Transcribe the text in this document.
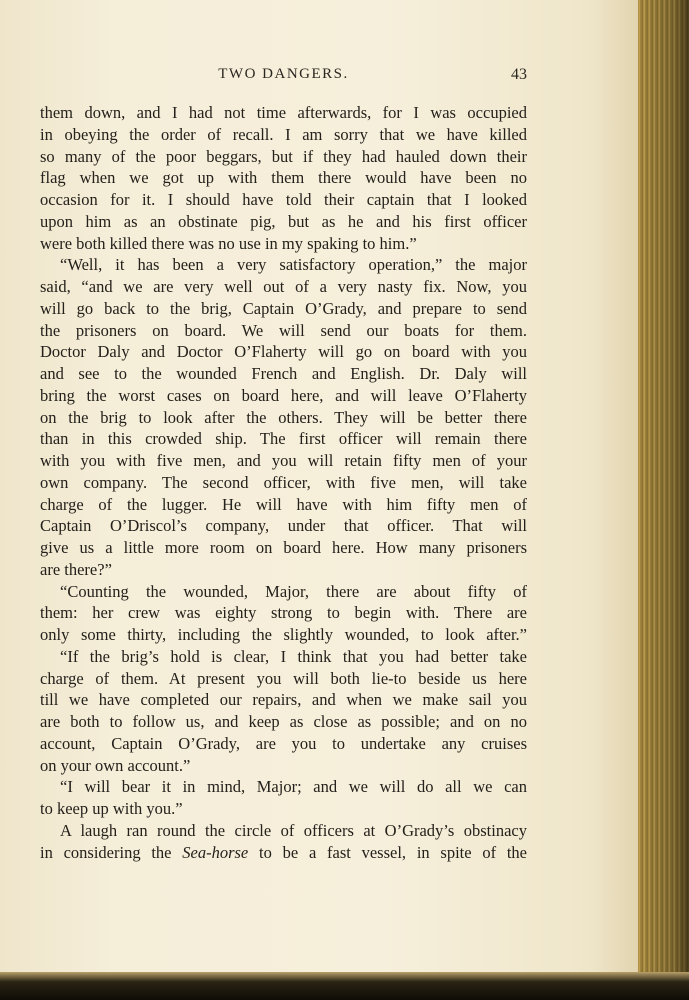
TWO DANGERS.	43
them down, and I had not time afterwards, for I was occupied
in obeying the order of recall. I am sorry that we have killed
so many of the poor beggars, but if they had hauled down their
flag when we got up with them there would have been no
occasion for it. I should have told their captain that I looked
upon him as an obstinate pig, but as he and his first officer
were both killed there was no use in my spaking to him.”
“Well, it has been a very satisfactory operation,” the major
said, “and we are very well out of a very nasty fix. Now, you
will go back to the brig, Captain O’Grady, and prepare to send
the prisoners on board. We will send our boats for them.
Doctor Daly and Doctor O’Flaherty will go on board with you
and see to the wounded French and English. Dr. Daly will
bring the worst cases on board here, and will leave O’Flaherty
on the brig to look after the others. They will be better there
than in this crowded ship. The first officer will remain there
with you with five men, and you will retain fifty men of your
own company. The second officer, with five men, will take
charge of the lugger. He will have with him fifty men of
Captain O’Driscol’s company, under that officer. That will
give us a little more room on board here. How many prisoners
are there?”
“Counting the wounded, Major, there are about fifty of
them: her crew was eighty strong to begin with. There are
only some thirty, including the slightly wounded, to look after.”
“If the brig’s hold is clear, I think that you had better take
charge of them. At present you will both lie-to beside us here
till we have completed our repairs, and when we make sail you
are both to follow us, and keep as close as possible; and on no
account, Captain O’Grady, are you to undertake any cruises
on your own account.”
“I will bear it in mind, Major; and we will do all we can
to keep up with you.”
A laugh ran round the circle of officers at O’Grady’s obstinacy
in considering the Sea-horse to be a fast vessel, in spite of the
